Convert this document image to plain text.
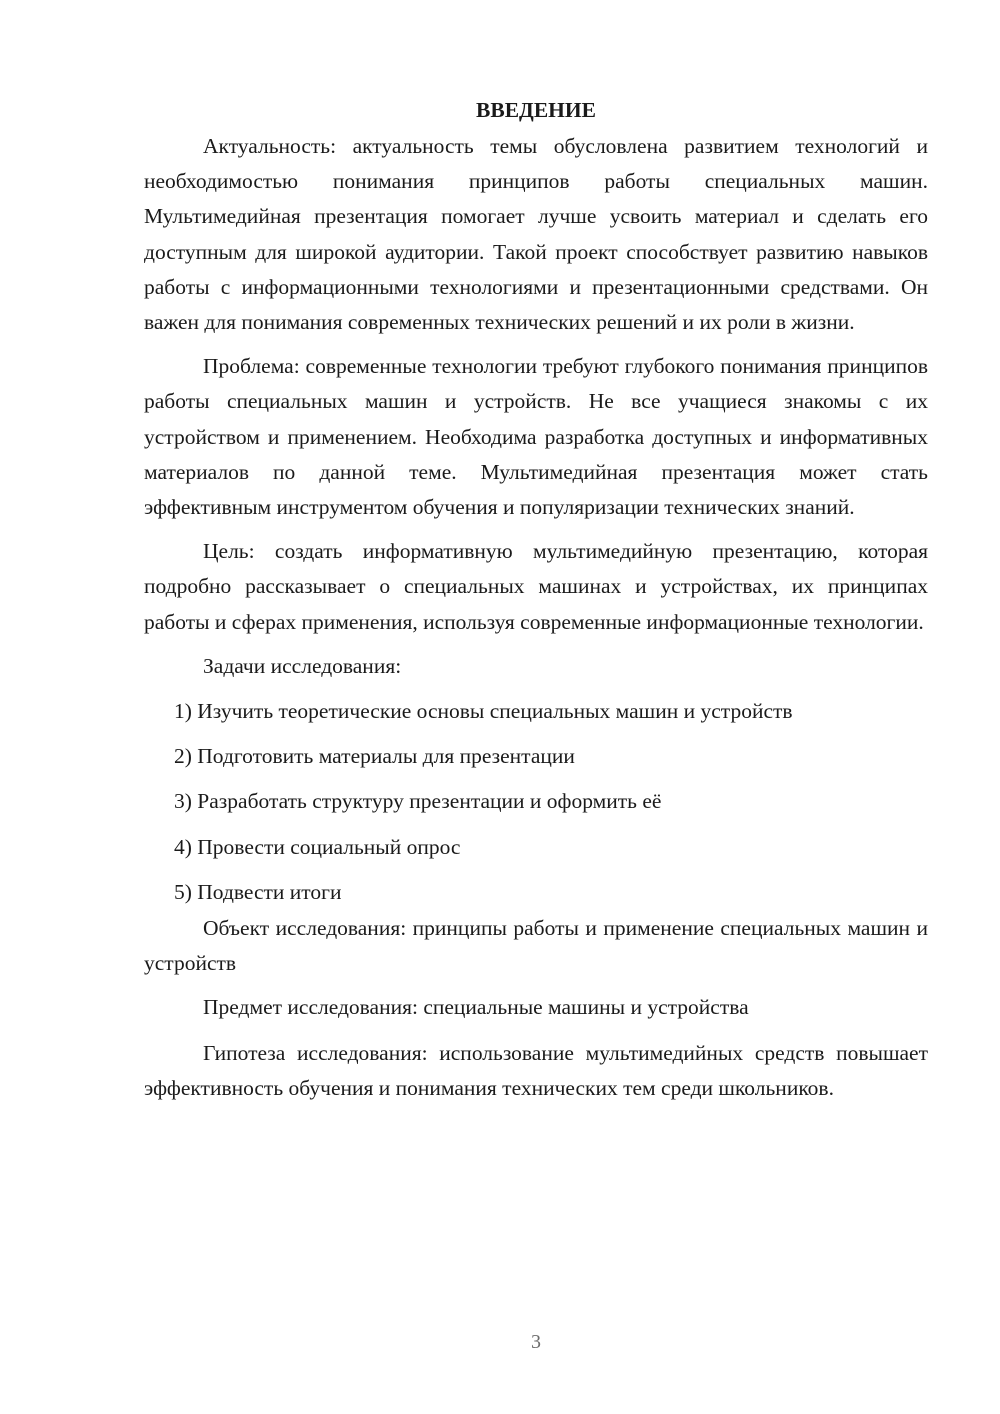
ВВЕДЕНИЕ

Актуальность: актуальность темы обусловлена развитием технологий и необходимостью понимания принципов работы специальных машин. Мультимедийная презентация помогает лучше усвоить материал и сделать его доступным для широкой аудитории. Такой проект способствует развитию навыков работы с информационными технологиями и презентационными средствами. Он важен для понимания современных технических решений и их роли в жизни.

Проблема: современные технологии требуют глубокого понимания принципов работы специальных машин и устройств. Не все учащиеся знакомы с их устройством и применением. Необходима разработка доступных и информативных материалов по данной теме. Мультимедийная презентация может стать эффективным инструментом обучения и популяризации технических знаний.

Цель: создать информативную мультимедийную презентацию, которая подробно рассказывает о специальных машинах и устройствах, их принципах работы и сферах применения, используя современные информационные технологии.

Задачи исследования:
1) Изучить теоретические основы специальных машин и устройств
2) Подготовить материалы для презентации
3) Разработать структуру презентации и оформить её
4) Провести социальный опрос
5) Подвести итоги

Объект исследования: принципы работы и применение специальных машин и устройств

Предмет исследования: специальные машины и устройства

Гипотеза исследования: использование мультимедийных средств повышает эффективность обучения и понимания технических тем среди школьников.

3
